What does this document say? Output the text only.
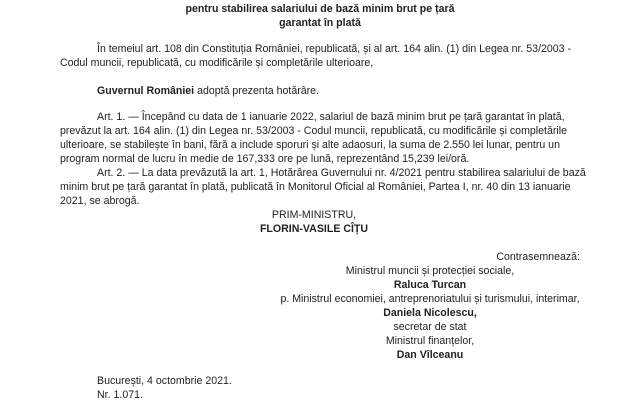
pentru stabilirea salariului de bază minim brut pe țară
garantat în plată
În temeiul art. 108 din Constituția României, republicată, și al art. 164 alin. (1) din Legea nr. 53/2003 - Codul muncii, republicată, cu modificările și completările ulterioare,
Guvernul României adoptă prezenta hotărâre.
Art. 1. — Începând cu data de 1 ianuarie 2022, salariul de bază minim brut pe țară garantat în plată, prevăzut la art. 164 alin. (1) din Legea nr. 53/2003 - Codul muncii, republicată, cu modificările și completările ulterioare, se stabilește în bani, fără a include sporuri și alte adaosuri, la suma de 2.550 lei lunar, pentru un program normal de lucru în medie de 167,333 ore pe lună, reprezentând 15,239 lei/oră.
Art. 2. — La data prevăzută la art. 1, Hotărârea Guvernului nr. 4/2021 pentru stabilirea salariului de bază minim brut pe țară garantat în plată, publicată în Monitorul Oficial al României, Partea I, nr. 40 din 13 ianuarie 2021, se abrogă.
PRIM-MINISTRU,
FLORIN-VASILE CÎȚU
Contrasemnează:
Ministrul muncii și protecției sociale,
Raluca Turcan
p. Ministrul economiei, antreprenoriatului și turismului, interimar,
Daniela Nicolescu,
secretar de stat
Ministrul finanțelor,
Dan Vîlceanu
București, 4 octombrie 2021.
Nr. 1.071.
